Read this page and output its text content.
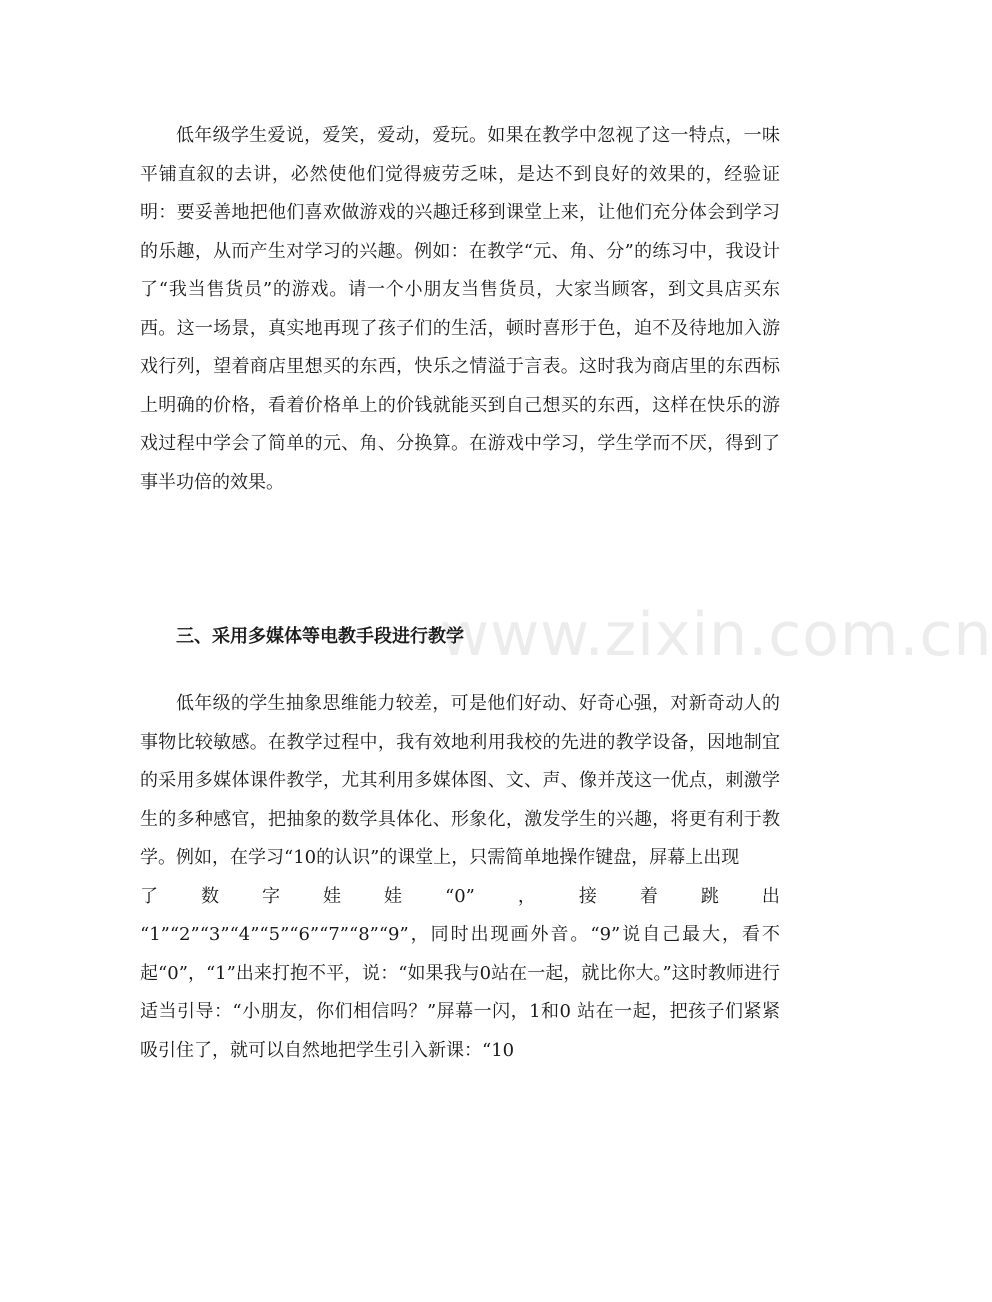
www.zixin.com.cn

低年级学生爱说，爱笑，爱动，爱玩。如果在教学中忽视了这一特点，一味平铺直叙的去讲，必然使他们觉得疲劳乏味，是达不到良好的效果的，经验证明：要妥善地把他们喜欢做游戏的兴趣迁移到课堂上来，让他们充分体会到学习的乐趣，从而产生对学习的兴趣。例如：在教学“元、角、分”的练习中，我设计了“我当售货员”的游戏。请一个小朋友当售货员，大家当顾客，到文具店买东西。这一场景，真实地再现了孩子们的生活，顿时喜形于色，迫不及待地加入游戏行列，望着商店里想买的东西，快乐之情溢于言表。这时我为商店里的东西标上明确的价格，看着价格单上的价钱就能买到自己想买的东西，这样在快乐的游戏过程中学会了简单的元、角、分换算。在游戏中学习，学生学而不厌，得到了事半功倍的效果。

三、采用多媒体等电教手段进行教学

低年级的学生抽象思维能力较差，可是他们好动、好奇心强，对新奇动人的事物比较敏感。在教学过程中，我有效地利用我校的先进的教学设备，因地制宜的采用多媒体课件教学，尤其利用多媒体图、文、声、像并茂这一优点，刺激学生的多种感官，把抽象的数学具体化、形象化，激发学生的兴趣，将更有利于教学。例如，在学习“10的认识”的课堂上，只需简单地操作键盘，屏幕上出现

了 数 字 娃 娃 “0” ， 接 着 跳 出

“1”“2”“3”“4”“5”“6”“7”“8”“9”，同时出现画外音。“9”说自己最大，看不起“0”，“1”出来打抱不平，说：“如果我与0站在一起，就比你大。”这时教师进行适当引导：“小朋友，你们相信吗？”屏幕一闪，1和0 站在一起，把孩子们紧紧吸引住了，就可以自然地把学生引入新课：“10
